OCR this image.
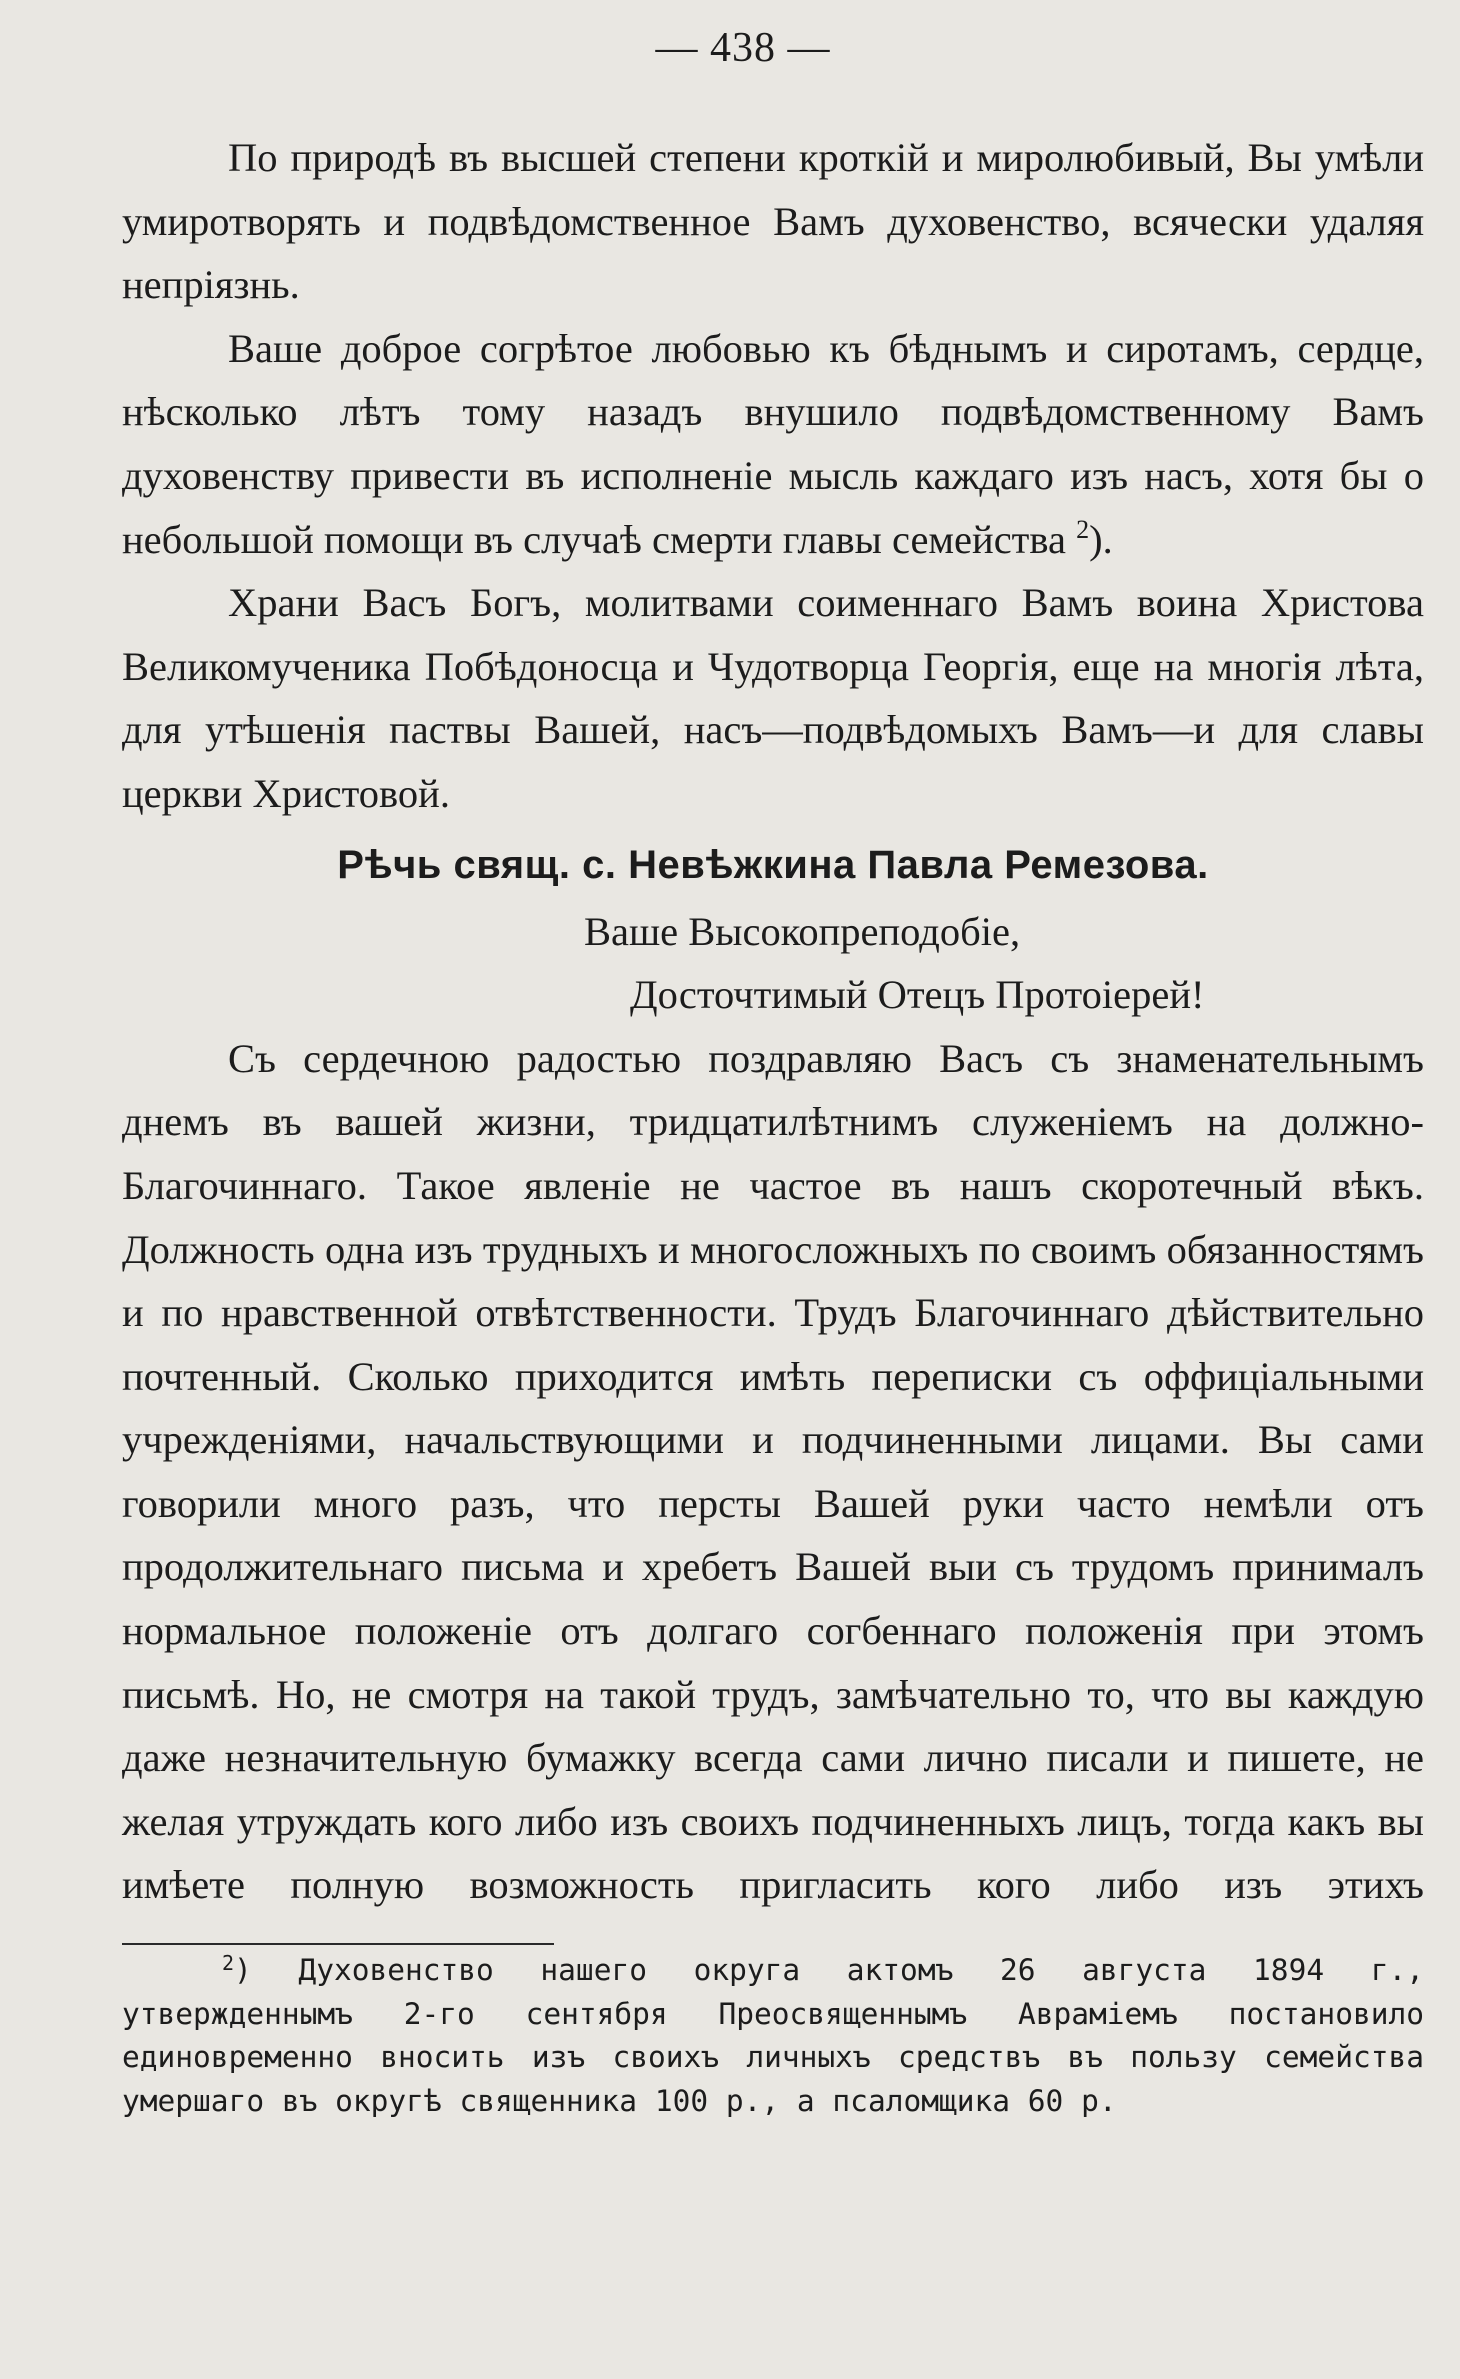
— 438 —

По природѣ въ высшей степени кроткій и миролюбивый, Вы умѣли умиротворять и подвѣдомственное Вамъ духовенство, всячески удаляя непріязнь.

Ваше доброе согрѣтое любовью къ бѣднымъ и сиротамъ, сердце, нѣсколько лѣтъ тому назадъ внушило подвѣдомственному Вамъ духовенству привести въ исполненіе мысль каждаго изъ насъ, хотя бы о небольшой помощи въ случаѣ смерти главы семейства $^2$).

Храни Васъ Богъ, молитвами соименнаго Вамъ воина Христова Великомученика Побѣдоносца и Чудотворца Георгія, еще на многія лѣта, для утѣшенія паствы Вашей, насъ—подвѣдомыхъ Вамъ—и для славы церкви Христовой.

Рѣчь свящ. с. Невѣжкина Павла Ремезова.
Ваше Высокопреподобіе,
Досточтимый Отецъ Протоіерей!

Съ сердечною радостью поздравляю Васъ съ знаменательнымъ днемъ въ вашей жизни, тридцатилѣтнимъ служеніемъ на должно-Благочиннаго. Такое явленіе не частое въ нашъ скоротечный вѣкъ. Должность одна изъ трудныхъ и многосложныхъ по своимъ обязанностямъ и по нравственной отвѣтственности. Трудъ Благочиннаго дѣйствительно почтенный. Сколько приходится имѣть переписки съ оффиціальными учрежденіями, начальствующими и подчиненными лицами. Вы сами говорили много разъ, что персты Вашей руки часто немѣли отъ продолжительнаго письма и хребетъ Вашей выи съ трудомъ принималъ нормальное положеніе отъ долгаго согбеннаго положенія при этомъ письмѣ. Но, не смотря на такой трудъ, замѣчательно то, что вы каждую даже незначительную бумажку всегда сами лично писали и пишете, не желая утруждать кого либо изъ своихъ подчиненныхъ лицъ, тогда какъ вы имѣете полную возможность пригласить кого либо изъ этихъ

$^2$) Духовенство нашего округа актомъ 26 августа 1894 г., утвержденнымъ 2-го сентября Преосвященнымъ Авраміемъ постановило единовременно вносить изъ своихъ личныхъ средствъ въ пользу семейства умершаго въ округѣ священника 100 р., а псаломщика 60 р.
